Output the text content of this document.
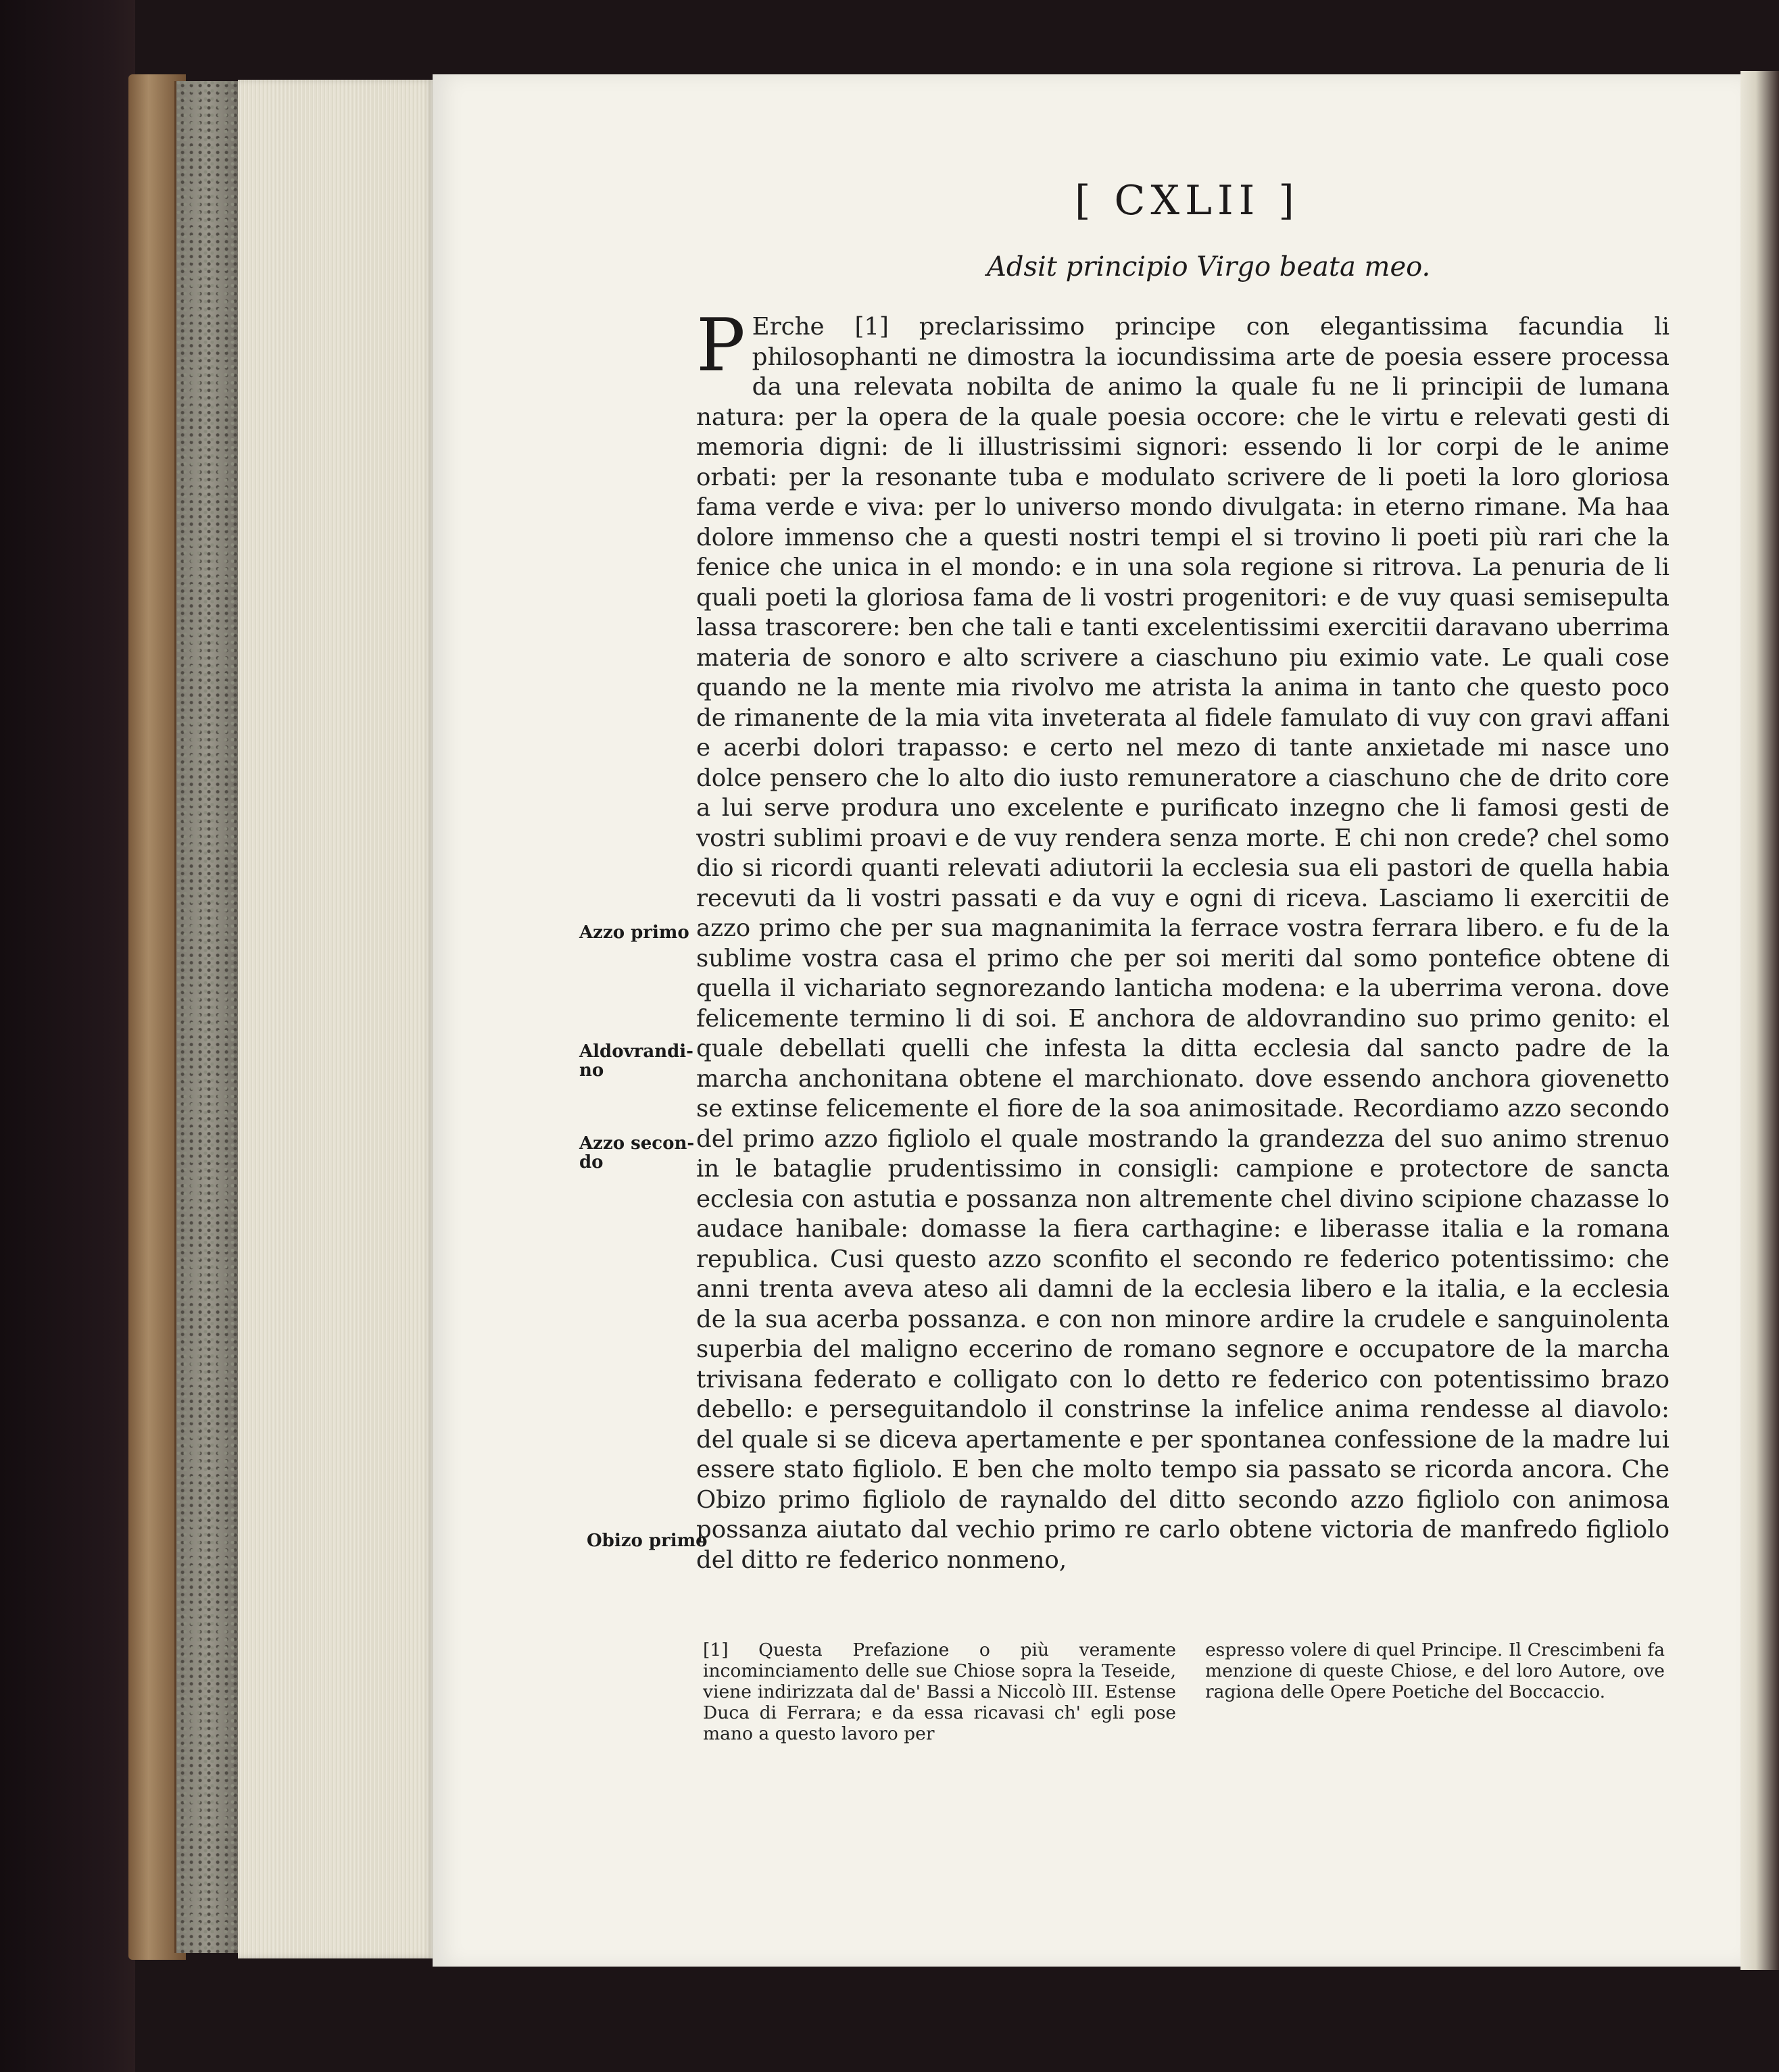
[ CXLII ]
Adsit principio Virgo beata meo.
P Erche [1] preclarissimo principe con elegantissima facundia li philosophanti ne dimostra la iocundissima arte de poesia essere processa da una relevata nobilta de animo la quale fu ne li principii de lumana natura: per la opera de la quale poesia occore: che le virtu e relevati gesti di memoria digni: de li illustrissimi signori: essendo li lor corpi de le anime orbati: per la resonante tuba e modulato scrivere de li poeti la loro gloriosa fama verde e viva: per lo universo mondo divulgata: in eterno rimane. Ma haa dolore immenso che a questi nostri tempi el si trovino li poeti più rari che la fenice che unica in el mondo: e in una sola regione si ritrova. La penuria de li quali poeti la gloriosa fama de li vostri progenitori: e de vuy quasi semisepulta lassa trascorere: ben che tali e tanti excelentissimi exercitii daravano uberrima materia de sonoro e alto scrivere a ciaschuno piu eximio vate. Le quali cose quando ne la mente mia rivolvo me atrista la anima in tanto che questo poco de rimanente de la mia vita inveterata al fidele famulato di vuy con gravi affani e acerbi dolori trapasso: e certo nel mezo di tante anxietade mi nasce uno dolce pensero che lo alto dio iusto remuneratore a ciaschuno che de drito core a lui serve produra uno excelente e purificato inzegno che li famosi gesti de vostri sublimi proavi e de vuy rendera senza morte. E chi non crede? chel somo dio si ricordi quanti relevati adiutorii la ecclesia sua eli pastori de quella habia recevuti da li vostri passati e da vuy e ogni di riceva. Lasciamo li exercitii de azzo primo che per sua magnanimita la ferrace vostra ferrara libero. e fu de la sublime vostra casa el primo che per soi meriti dal somo pontefice obtene di quella il vichariato segnorezando lanticha modena: e la uberrima verona. dove felicemente termino li di soi. E anchora de aldovrandino suo primo genito: el quale debellati quelli che infesta la ditta ecclesia dal sancto padre de la marcha anchonitana obtene el marchionato. dove essendo anchora giovenetto se extinse felicemente el fiore de la soa animositade. Recordiamo azzo secondo del primo azzo figliolo el quale mostrando la grandezza del suo animo strenuo in le bataglie prudentissimo in consigli: campione e protectore de sancta ecclesia con astutia e possanza non altremente chel divino scipione chazasse lo audace hanibale: domasse la fiera carthagine: e liberasse italia e la romana republica. Cusi questo azzo sconfito el secondo re federico potentissimo: che anni trenta aveva ateso ali damni de la ecclesia libero e la italia, e la ecclesia de la sua acerba possanza. e con non minore ardire la crudele e sanguinolenta superbia del maligno eccerino de romano segnore e occupatore de la marcha trivisana federato e colligato con lo detto re federico con potentissimo brazo debello: e perseguitandolo il constrinse la infelice anima rendesse al diavolo: del quale si se diceva apertamente e per spontanea confessione de la madre lui essere stato figliolo. E ben che molto tempo sia passato se ricorda ancora. Che Obizo primo figliolo de raynaldo del ditto secondo azzo figliolo con animosa possanza aiutato dal vechio primo re carlo obtene victoria de manfredo figliolo del ditto re federico nonmeno,
Azzo primo
Aldovrandi- no
Azzo secon- do
Obizo primo
[1] Questa Prefazione o più veramente incominciamento delle sue Chiose sopra la Teseide, viene indirizzata dal de' Bassi a Niccolò III. Estense Duca di Ferrara; e da essa ricavasi ch' egli pose mano a questo lavoro per
espresso volere di quel Principe. Il Crescimbeni fa menzione di queste Chiose, e del loro Autore, ove ragiona delle Opere Poetiche del Boccaccio.
